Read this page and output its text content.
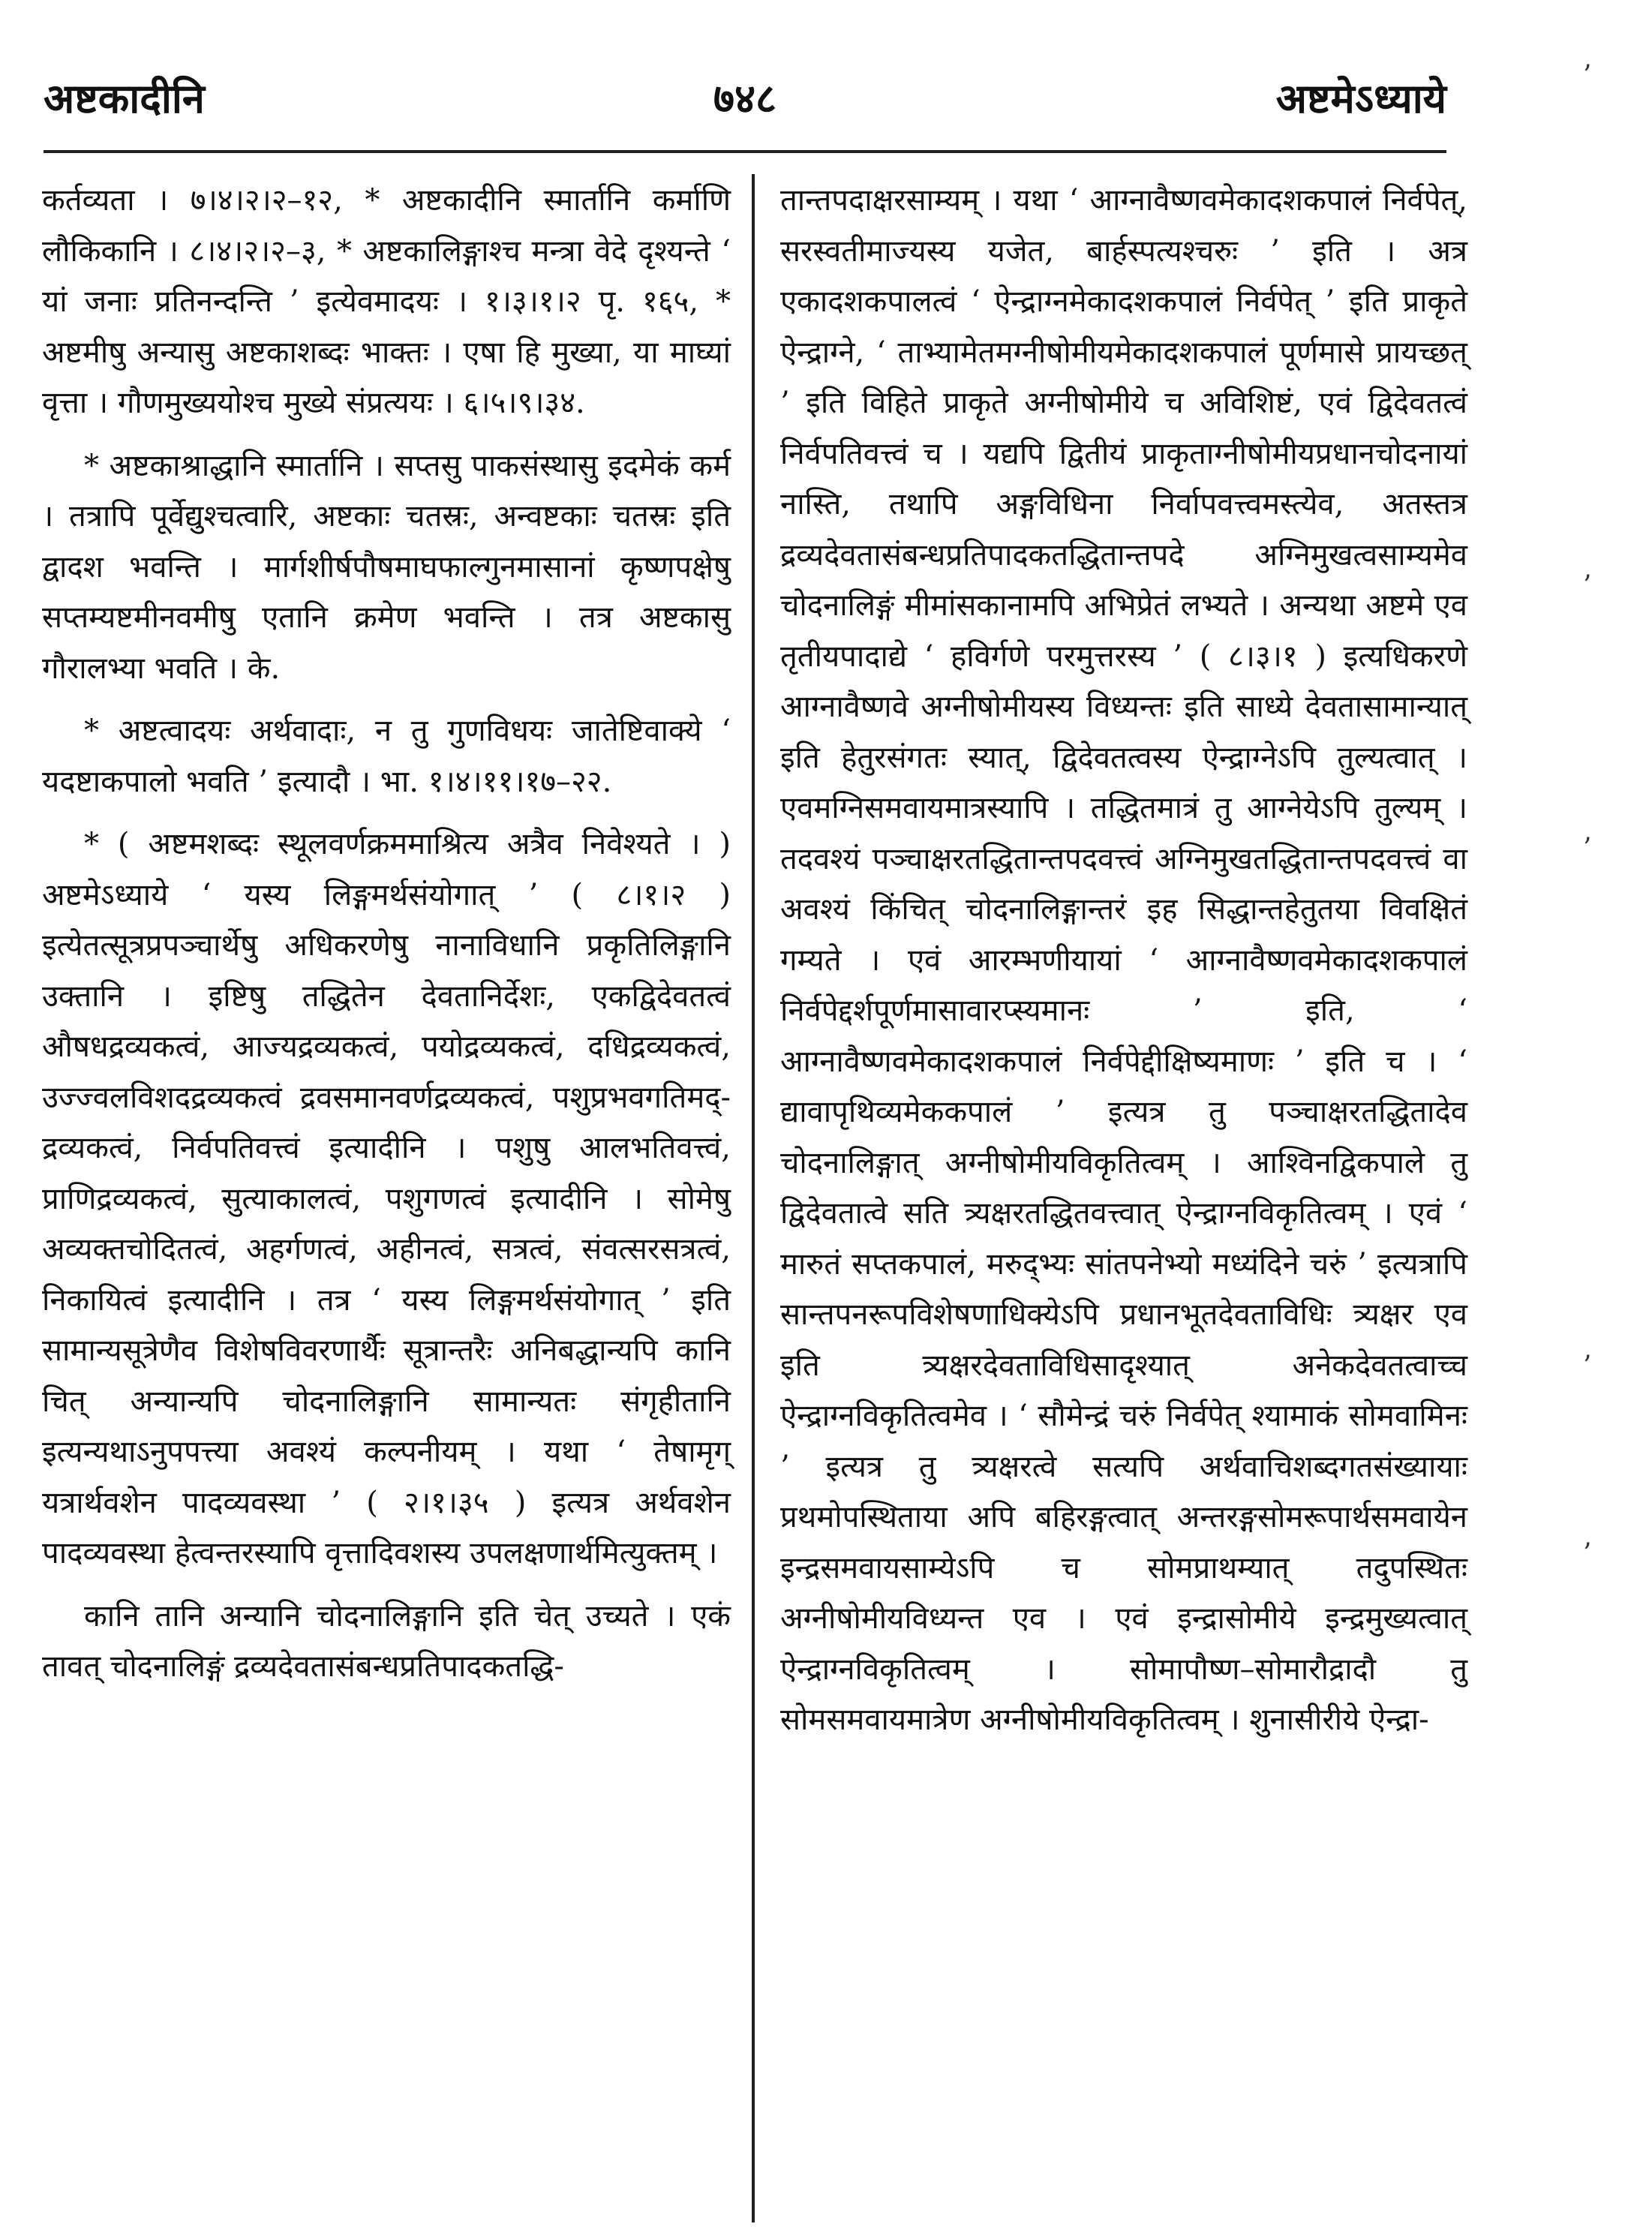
अष्टकादीनि	७४८	अष्टमेऽध्याये

कर्तव्यता । ७।४।२।२–१२, * अष्टकादीनि स्मार्तानि कर्माणि लौकिकानि । ८।४।२।२–३, * अष्टकालिङ्गाश्च मन्त्रा वेदे दृश्यन्ते ‘ यां जनाः प्रतिनन्दन्ति ’ इत्येवमादयः । १।३।१।२ पृ. १६५, * अष्टमीषु अन्यासु अष्टकाशब्दः भाक्तः । एषा हि मुख्या, या माघ्यां वृत्ता । गौणमुख्ययोश्च मुख्ये संप्रत्ययः । ६।५।९।३४.

* अष्टकाश्राद्धानि स्मार्तानि । सप्तसु पाकसंस्थासु इदमेकं कर्म । तत्रापि पूर्वेद्युश्चत्वारि, अष्टकाः चतस्रः, अन्वष्टकाः चतस्रः इति द्वादश भवन्ति । मार्गशीर्षपौषमाघफाल्गुनमासानां कृष्णपक्षेषु सप्तम्यष्टमीनवमीषु एतानि क्रमेण भवन्ति । तत्र अष्टकासु गौरालभ्या भवति । के.

* अष्टत्वादयः अर्थवादाः, न तु गुणविधयः जातेष्टिवाक्ये ‘ यदष्टाकपालो भवति ’ इत्यादौ । भा. १।४।११।१७–२२.

* ( अष्टमशब्दः स्थूलवर्णक्रममाश्रित्य अत्रैव निवेश्यते । ) अष्टमेऽध्याये ‘ यस्य लिङ्गमर्थसंयोगात् ’ ( ८।१।२ ) इत्येतत्सूत्रप्रपञ्चार्थेषु अधिकरणेषु नानाविधानि प्रकृतिलिङ्गानि उक्तानि । इष्टिषु तद्धितेन देवतानिर्देशः, एकद्विदेवतत्वं औषधद्रव्यकत्वं, आज्यद्रव्यकत्वं, पयोद्रव्यकत्वं, दधिद्रव्यकत्वं, उज्ज्वलविशदद्रव्यकत्वं द्रवसमानवर्णद्रव्यकत्वं, पशुप्रभवगतिमद्-द्रव्यकत्वं, निर्वपतिवत्त्वं इत्यादीनि । पशुषु आलभतिवत्त्वं, प्राणिद्रव्यकत्वं, सुत्याकालत्वं, पशुगणत्वं इत्यादीनि । सोमेषु अव्यक्तचोदितत्वं, अहर्गणत्वं, अहीनत्वं, सत्रत्वं, संवत्सरसत्रत्वं, निकायित्वं इत्यादीनि । तत्र ‘ यस्य लिङ्गमर्थसंयोगात् ’ इति सामान्यसूत्रेणैव विशेषविवरणार्थैः सूत्रान्तरैः अनिबद्धान्यपि कानि चित् अन्यान्यपि चोदनालिङ्गानि सामान्यतः संगृहीतानि इत्यन्यथाऽनुपपत्त्या अवश्यं कल्पनीयम् । यथा ‘ तेषामृग् यत्रार्थवशेन पादव्यवस्था ’ ( २।१।३५ ) इत्यत्र अर्थवशेन पादव्यवस्था हेत्वन्तरस्यापि वृत्तादिवशस्य उपलक्षणार्थमित्युक्तम् ।

कानि तानि अन्यानि चोदनालिङ्गानि इति चेत् उच्यते । एकं तावत् चोदनालिङ्गं द्रव्यदेवतासंबन्धप्रतिपादकतद्धि-

तान्तपदाक्षरसाम्यम् । यथा ‘ आग्नावैष्णवमेकादशकपालं निर्वपेत्, सरस्वतीमाज्यस्य यजेत, बार्हस्पत्यश्चरुः ’ इति । अत्र एकादशकपालत्वं ‘ ऐन्द्राग्नमेकादशकपालं निर्वपेत् ’ इति प्राकृते ऐन्द्राग्ने, ‘ ताभ्यामेतमग्नीषोमीयमेकादशकपालं पूर्णमासे प्रायच्छत् ’ इति विहिते प्राकृते अग्नीषोमीये च अविशिष्टं, एवं द्विदेवतत्वं निर्वपतिवत्त्वं च । यद्यपि द्वितीयं प्राकृताग्नीषोमीयप्रधानचोदनायां नास्ति, तथापि अङ्गविधिना निर्वापवत्त्वमस्त्येव, अतस्तत्र द्रव्यदेवतासंबन्धप्रतिपादकतद्धितान्तपदे अग्निमुखत्वसाम्यमेव चोदनालिङ्गं मीमांसकानामपि अभिप्रेतं लभ्यते । अन्यथा अष्टमे एव तृतीयपादाद्ये ‘ हविर्गणे परमुत्तरस्य ’ ( ८।३।१ ) इत्यधिकरणे आग्नावैष्णवे अग्नीषोमीयस्य विध्यन्तः इति साध्ये देवतासामान्यात् इति हेतुरसंगतः स्यात्, द्विदेवतत्वस्य ऐन्द्राग्नेऽपि तुल्यत्वात् । एवमग्निसमवायमात्रस्यापि । तद्धितमात्रं तु आग्नेयेऽपि तुल्यम् । तदवश्यं पञ्चाक्षरतद्धितान्तपदवत्त्वं अग्निमुखतद्धितान्तपदवत्त्वं वा अवश्यं किंचित् चोदनालिङ्गान्तरं इह सिद्धान्तहेतुतया विवक्षितं गम्यते । एवं आरम्भणीयायां ‘ आग्नावैष्णवमेकादशकपालं निर्वपेद्दर्शपूर्णमासावारप्स्यमानः ’ इति, ‘ आग्नावैष्णवमेकादशकपालं निर्वपेद्दीक्षिष्यमाणः ’ इति च । ‘ द्यावापृथिव्यमेककपालं ’ इत्यत्र तु पञ्चाक्षरतद्धितादेव चोदनालिङ्गात् अग्नीषोमीयविकृतित्वम् । आश्विनद्विकपाले तु द्विदेवतात्वे सति त्र्यक्षरतद्धितवत्त्वात् ऐन्द्राग्नविकृतित्वम् । एवं ‘ मारुतं सप्तकपालं, मरुद्भ्यः सांतपनेभ्यो मध्यंदिने चरुं ’ इत्यत्रापि सान्तपनरूपविशेषणाधिक्येऽपि प्रधानभूतदेवताविधिः त्र्यक्षर एव इति त्र्यक्षरदेवताविधिसादृश्यात् अनेकदेवतत्वाच्च ऐन्द्राग्नविकृतित्वमेव । ‘ सौमेन्द्रं चरुं निर्वपेत् श्यामाकं सोमवामिनः ’ इत्यत्र तु त्र्यक्षरत्वे सत्यपि अर्थवाचिशब्दगतसंख्यायाः प्रथमोपस्थिताया अपि बहिरङ्गत्वात् अन्तरङ्गसोमरूपार्थसमवायेन इन्द्रसमवायसाम्येऽपि च सोमप्राथम्यात् तदुपस्थितः अग्नीषोमीयविध्यन्त एव । एवं इन्द्रासोमीये इन्द्रमुख्यत्वात् ऐन्द्राग्नविकृतित्वम् । सोमापौष्ण–सोमारौद्रादौ तु सोमसमवायमात्रेण अग्नीषोमीयविकृतित्वम् । शुनासीरीये ऐन्द्रा-

’
’
’
’
’
